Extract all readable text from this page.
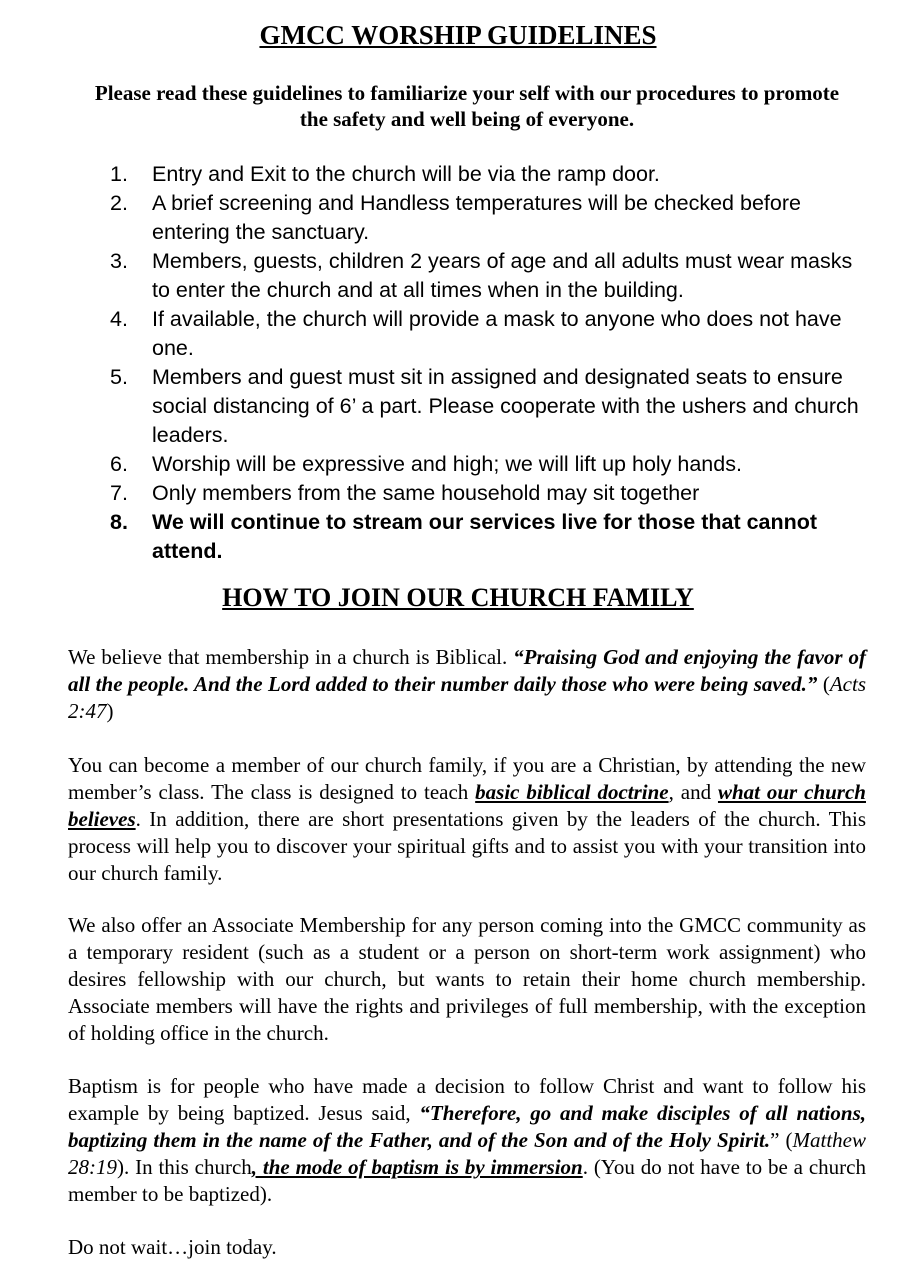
GMCC WORSHIP GUIDELINES
Please read these guidelines to familiarize your self with our procedures to promote the safety and well being of everyone.
1. Entry and Exit to the church will be via the ramp door.
2. A brief screening and Handless temperatures will be checked before entering the sanctuary.
3. Members, guests, children 2 years of age and all adults must wear masks to enter the church and at all times when in the building.
4. If available, the church will provide a mask to anyone who does not have one.
5. Members and guest must sit in assigned and designated seats to ensure social distancing of 6’ a part. Please cooperate with the ushers and church leaders.
6. Worship will be expressive and high; we will lift up holy hands.
7. Only members from the same household may sit together
8. We will continue to stream our services live for those that cannot attend.
HOW TO JOIN OUR CHURCH FAMILY

We believe that membership in a church is Biblical. “Praising God and enjoying the favor of all the people. And the Lord added to their number daily those who were being saved.” (Acts 2:47)

You can become a member of our church family, if you are a Christian, by attending the new member’s class. The class is designed to teach basic biblical doctrine, and what our church believes. In addition, there are short presentations given by the leaders of the church. This process will help you to discover your spiritual gifts and to assist you with your transition into our church family.

We also offer an Associate Membership for any person coming into the GMCC community as a temporary resident (such as a student or a person on short-term work assignment) who desires fellowship with our church, but wants to retain their home church membership. Associate members will have the rights and privileges of full membership, with the exception of holding office in the church.

Baptism is for people who have made a decision to follow Christ and want to follow his example by being baptized. Jesus said, “Therefore, go and make disciples of all nations, baptizing them in the name of the Father, and of the Son and of the Holy Spirit.” (Matthew 28:19). In this church, the mode of baptism is by immersion. (You do not have to be a church member to be baptized).

Do not wait…join today.
